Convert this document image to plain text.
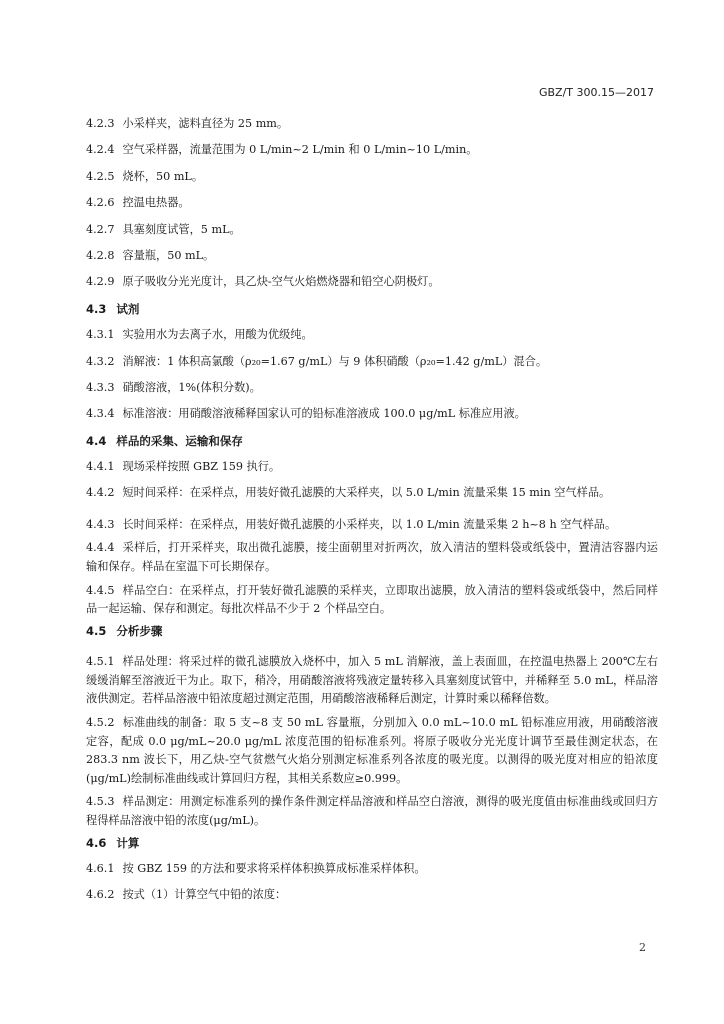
GBZ/T 300.15—2017
4.2.3 小采样夹，滤料直径为 25 mm。
4.2.4 空气采样器，流量范围为 0 L/min~2 L/min 和 0 L/min~10 L/min。
4.2.5 烧杯，50 mL。
4.2.6 控温电热器。
4.2.7 具塞刻度试管，5 mL。
4.2.8 容量瓶，50 mL。
4.2.9 原子吸收分光光度计，具乙炔-空气火焰燃烧器和铅空心阴极灯。
4.3 试剂
4.3.1 实验用水为去离子水，用酸为优级纯。
4.3.2 消解液：1 体积高氯酸（ρ₂₀=1.67 g/mL）与 9 体积硝酸（ρ₂₀=1.42 g/mL）混合。
4.3.3 硝酸溶液，1%(体积分数)。
4.3.4 标准溶液：用硝酸溶液稀释国家认可的铅标准溶液成 100.0 μg/mL 标准应用液。
4.4 样品的采集、运输和保存
4.4.1 现场采样按照 GBZ 159 执行。
4.4.2 短时间采样：在采样点，用装好微孔滤膜的大采样夹，以 5.0 L/min 流量采集 15 min 空气样品。

4.4.3 长时间采样：在采样点，用装好微孔滤膜的小采样夹，以 1.0 L/min 流量采集 2 h~8 h 空气样品。

4.4.4 采样后，打开采样夹，取出微孔滤膜，接尘面朝里对折两次，放入清洁的塑料袋或纸袋中，置清洁容器内运输和保存。样品在室温下可长期保存。

4.4.5 样品空白：在采样点，打开装好微孔滤膜的采样夹，立即取出滤膜，放入清洁的塑料袋或纸袋中，然后同样品一起运输、保存和测定。每批次样品不少于 2 个样品空白。

4.5 分析步骤

4.5.1 样品处理：将采过样的微孔滤膜放入烧杯中，加入 5 mL 消解液，盖上表面皿，在控温电热器上 200℃左右缓缓消解至溶液近干为止。取下，稍冷，用硝酸溶液将残液定量转移入具塞刻度试管中，并稀释至 5.0 mL，样品溶液供测定。若样品溶液中铅浓度超过测定范围，用硝酸溶液稀释后测定，计算时乘以稀释倍数。

4.5.2 标准曲线的制备：取 5 支~8 支 50 mL 容量瓶，分别加入 0.0 mL~10.0 mL 铅标准应用液，用硝酸溶液定容，配成 0.0 μg/mL~20.0 μg/mL 浓度范围的铅标准系列。将原子吸收分光光度计调节至最佳测定状态，在 283.3 nm 波长下，用乙炔-空气贫燃气火焰分别测定标准系列各浓度的吸光度。以测得的吸光度对相应的铅浓度(μg/mL)绘制标准曲线或计算回归方程，其相关系数应≥0.999。

4.5.3 样品测定：用测定标准系列的操作条件测定样品溶液和样品空白溶液，测得的吸光度值由标准曲线或回归方程得样品溶液中铅的浓度(μg/mL)。

4.6 计算
4.6.1 按 GBZ 159 的方法和要求将采样体积换算成标准采样体积。
4.6.2 按式（1）计算空气中铅的浓度：
2
